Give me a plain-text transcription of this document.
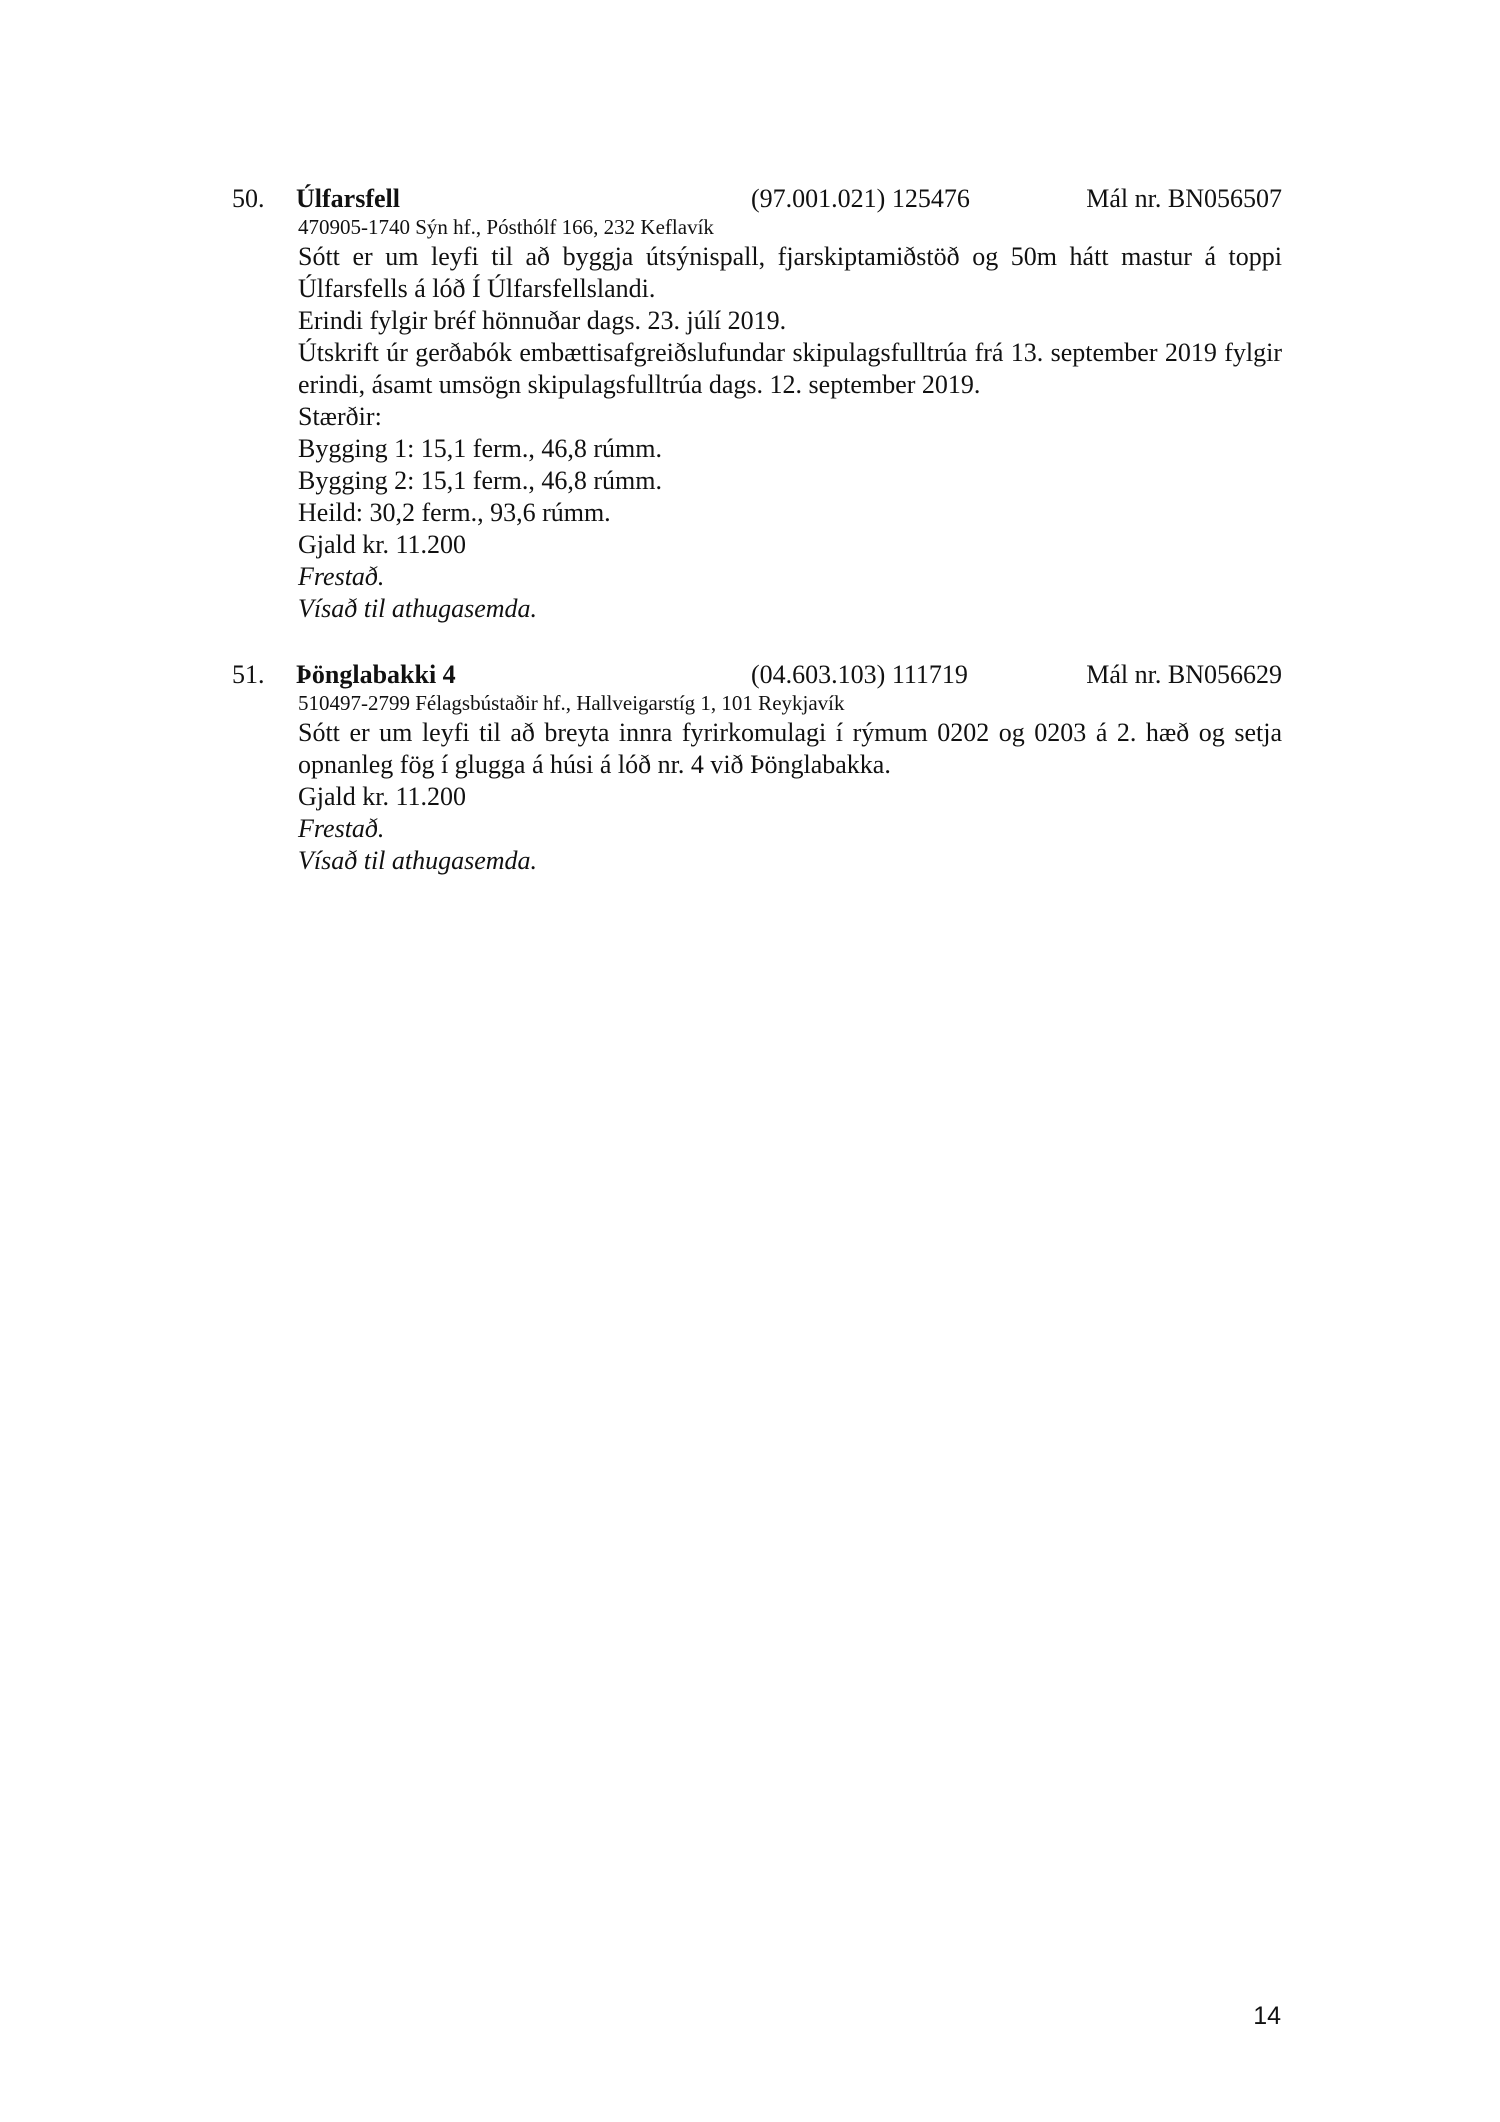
50. Úlfarsfell	(97.001.021) 125476	Mál nr. BN056507
470905-1740 Sýn hf., Pósthólf 166, 232 Keflavík
Sótt er um leyfi til að byggja útsýnispall, fjarskiptamiðstöð og 50m hátt mastur á toppi Úlfarsfells á lóð Í Úlfarsfellslandi.
Erindi fylgir bréf hönnuðar dags. 23. júlí 2019.
Útskrift úr gerðabók embættisafgreiðslufundar skipulagsfulltrúa frá 13. september 2019 fylgir erindi, ásamt umsögn skipulagsfulltrúa dags. 12. september 2019.
Stærðir:
Bygging 1: 15,1 ferm., 46,8 rúmm.
Bygging 2: 15,1 ferm., 46,8 rúmm.
Heild: 30,2 ferm., 93,6 rúmm.
Gjald kr. 11.200
Frestað.
Vísað til athugasemda.
51. Þönglabakki 4	(04.603.103) 111719	Mál nr. BN056629
510497-2799 Félagsbústaðir hf., Hallveigarstíg 1, 101 Reykjavík
Sótt er um leyfi til að breyta innra fyrirkomulagi í rýmum 0202 og 0203 á 2. hæð og setja opnanleg fög í glugga á húsi á lóð nr. 4 við Þönglabakka.
Gjald kr. 11.200
Frestað.
Vísað til athugasemda.
14
